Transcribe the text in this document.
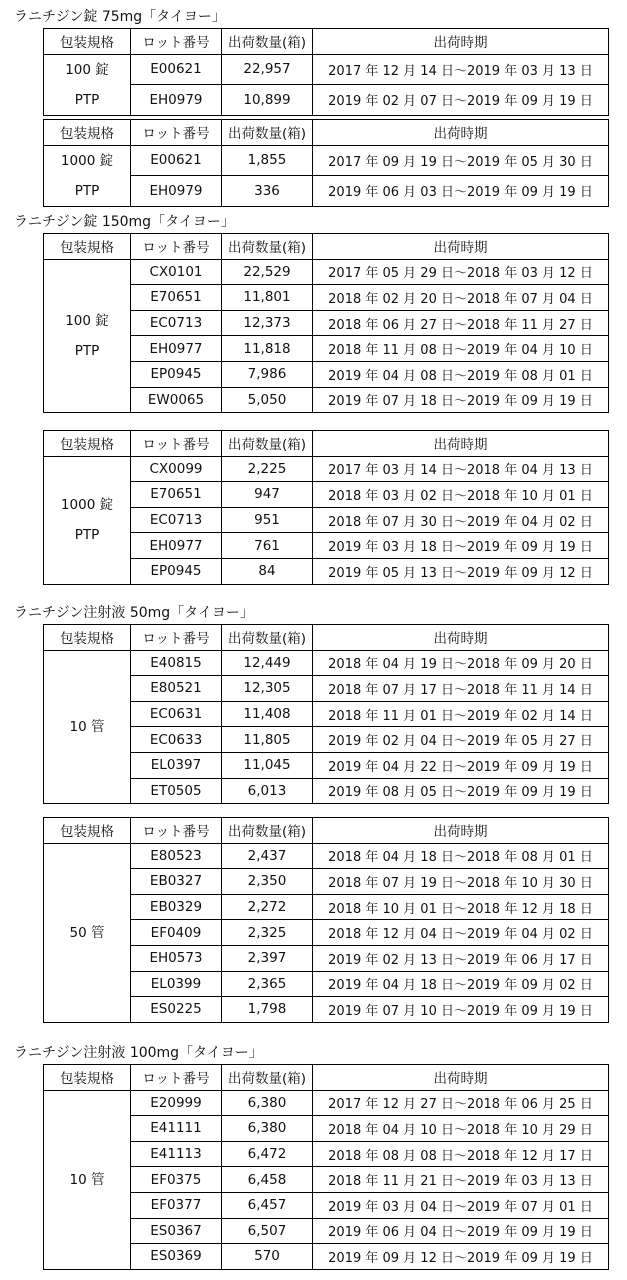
ラニチジン錠 75mg「タイヨー」
包装規格	ロット番号	出荷数量(箱)	出荷時期

100 錠
PTP	E00621	22,957	2017 年 12 月 14 日～2019 年 03 月 13 日
	EH0979	10,899	2019 年 02 月 07 日～2019 年 09 月 19 日
包装規格	ロット番号	出荷数量(箱)	出荷時期

1000 錠
PTP	E00621	1,855	2017 年 09 月 19 日～2019 年 05 月 30 日
	EH0979	336	2019 年 06 月 03 日～2019 年 09 月 19 日
ラニチジン錠 150mg「タイヨー」
包装規格	ロット番号	出荷数量(箱)	出荷時期

100 錠
PTP	CX0101	22,529	2017 年 05 月 29 日～2018 年 03 月 12 日
	E70651	11,801	2018 年 02 月 20 日～2018 年 07 月 04 日
	EC0713	12,373	2018 年 06 月 27 日～2018 年 11 月 27 日
	EH0977	11,818	2018 年 11 月 08 日～2019 年 04 月 10 日
	EP0945	7,986	2019 年 04 月 08 日～2019 年 08 月 01 日
	EW0065	5,050	2019 年 07 月 18 日～2019 年 09 月 19 日
包装規格	ロット番号	出荷数量(箱)	出荷時期

1000 錠
PTP	CX0099	2,225	2017 年 03 月 14 日～2018 年 04 月 13 日
	E70651	947	2018 年 03 月 02 日～2018 年 10 月 01 日
	EC0713	951	2018 年 07 月 30 日～2019 年 04 月 02 日
	EH0977	761	2019 年 03 月 18 日～2019 年 09 月 19 日
	EP0945	84	2019 年 05 月 13 日～2019 年 09 月 12 日
ラニチジン注射液 50mg「タイヨー」
包装規格	ロット番号	出荷数量(箱)	出荷時期

10 管	E40815	12,449	2018 年 04 月 19 日～2018 年 09 月 20 日
	E80521	12,305	2018 年 07 月 17 日～2018 年 11 月 14 日
	EC0631	11,408	2018 年 11 月 01 日～2019 年 02 月 14 日
	EC0633	11,805	2019 年 02 月 04 日～2019 年 05 月 27 日
	EL0397	11,045	2019 年 04 月 22 日～2019 年 09 月 19 日
	ET0505	6,013	2019 年 08 月 05 日～2019 年 09 月 19 日
包装規格	ロット番号	出荷数量(箱)	出荷時期

50 管	E80523	2,437	2018 年 04 月 18 日～2018 年 08 月 01 日
	EB0327	2,350	2018 年 07 月 19 日～2018 年 10 月 30 日
	EB0329	2,272	2018 年 10 月 01 日～2018 年 12 月 18 日
	EF0409	2,325	2018 年 12 月 04 日～2019 年 04 月 02 日
	EH0573	2,397	2019 年 02 月 13 日～2019 年 06 月 17 日
	EL0399	2,365	2019 年 04 月 18 日～2019 年 09 月 02 日
	ES0225	1,798	2019 年 07 月 10 日～2019 年 09 月 19 日
ラニチジン注射液 100mg「タイヨー」
包装規格	ロット番号	出荷数量(箱)	出荷時期

10 管	E20999	6,380	2017 年 12 月 27 日～2018 年 06 月 25 日
	E41111	6,380	2018 年 04 月 10 日～2018 年 10 月 29 日
	E41113	6,472	2018 年 08 月 08 日～2018 年 12 月 17 日
	EF0375	6,458	2018 年 11 月 21 日～2019 年 03 月 13 日
	EF0377	6,457	2019 年 03 月 04 日～2019 年 07 月 01 日
	ES0367	6,507	2019 年 06 月 04 日～2019 年 09 月 19 日
	ES0369	570	2019 年 09 月 12 日～2019 年 09 月 19 日
